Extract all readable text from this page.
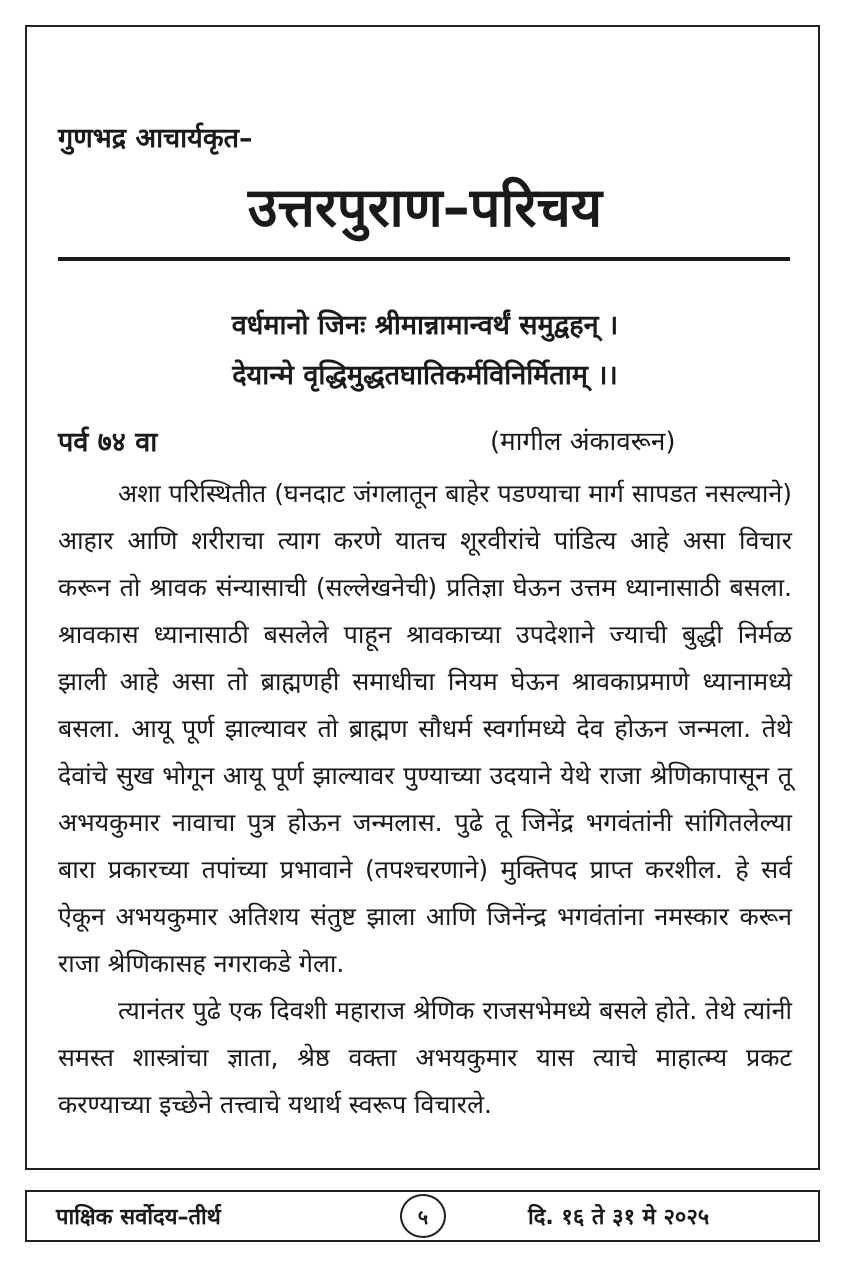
गुणभद्र आचार्यकृत–
उत्तरपुराण–परिचय
वर्धमानो जिनः श्रीमान्नामान्वर्थं समुद्वहन् ।
देयान्मे वृद्धिमुद्धतघातिकर्मविनिर्मिताम् ।।
पर्व ७४ वा	(मागील अंकावरून)

अशा परिस्थितीत (घनदाट जंगलातून बाहेर पडण्याचा मार्ग सापडत नसल्याने) आहार आणि शरीराचा त्याग करणे यातच शूरवीरांचे पांडित्य आहे असा विचार करून तो श्रावक संन्यासाची (सल्लेखनेची) प्रतिज्ञा घेऊन उत्तम ध्यानासाठी बसला. श्रावकास ध्यानासाठी बसलेले पाहून श्रावकाच्या उपदेशाने ज्याची बुद्धी निर्मळ झाली आहे असा तो ब्राह्मणही समाधीचा नियम घेऊन श्रावकाप्रमाणे ध्यानामध्ये बसला. आयू पूर्ण झाल्यावर तो ब्राह्मण सौधर्म स्वर्गामध्ये देव होऊन जन्मला. तेथे देवांचे सुख भोगून आयू पूर्ण झाल्यावर पुण्याच्या उदयाने येथे राजा श्रेणिकापासून तू अभयकुमार नावाचा पुत्र होऊन जन्मलास. पुढे तू जिनेंद्र भगवंतांनी सांगितलेल्या बारा प्रकारच्या तपांच्या प्रभावाने (तपश्चरणाने) मुक्तिपद प्राप्त करशील. हे सर्व ऐकून अभयकुमार अतिशय संतुष्ट झाला आणि जिनेंन्द्र भगवंतांना नमस्कार करून राजा श्रेणिकासह नगराकडे गेला.

त्यानंतर पुढे एक दिवशी महाराज श्रेणिक राजसभेमध्ये बसले होते. तेथे त्यांनी समस्त शास्त्रांचा ज्ञाता, श्रेष्ठ वक्ता अभयकुमार यास त्याचे माहात्म्य प्रकट करण्याच्या इच्छेने तत्त्वाचे यथार्थ स्वरूप विचारले.

पाक्षिक सर्वोदय–तीर्थ	५	दि. १६ ते ३१ मे २०२५
